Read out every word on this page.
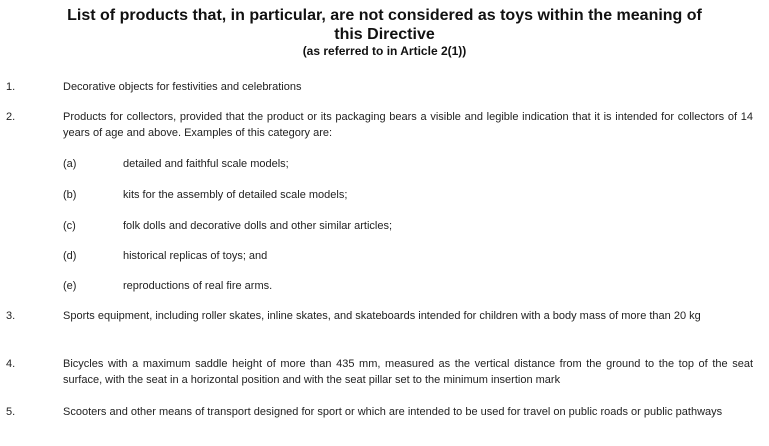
List of products that, in particular, are not considered as toys within the meaning of
this Directive
(as referred to in Article 2(1))
1.	Decorative objects for festivities and celebrations
2.	Products for collectors, provided that the product or its packaging bears a visible and legible indication that it is intended for collectors of 14 years of age and above. Examples of this category are:
(a)	detailed and faithful scale models;
(b)	kits for the assembly of detailed scale models;
(c)	folk dolls and decorative dolls and other similar articles;
(d)	historical replicas of toys; and
(e)	reproductions of real fire arms.
3.	Sports equipment, including roller skates, inline skates, and skateboards intended for children with a body mass of more than 20 kg
4.	Bicycles with a maximum saddle height of more than 435 mm, measured as the vertical distance from the ground to the top of the seat surface, with the seat in a horizontal position and with the seat pillar set to the minimum insertion mark
5.	Scooters and other means of transport designed for sport or which are intended to be used for travel on public roads or public pathways
